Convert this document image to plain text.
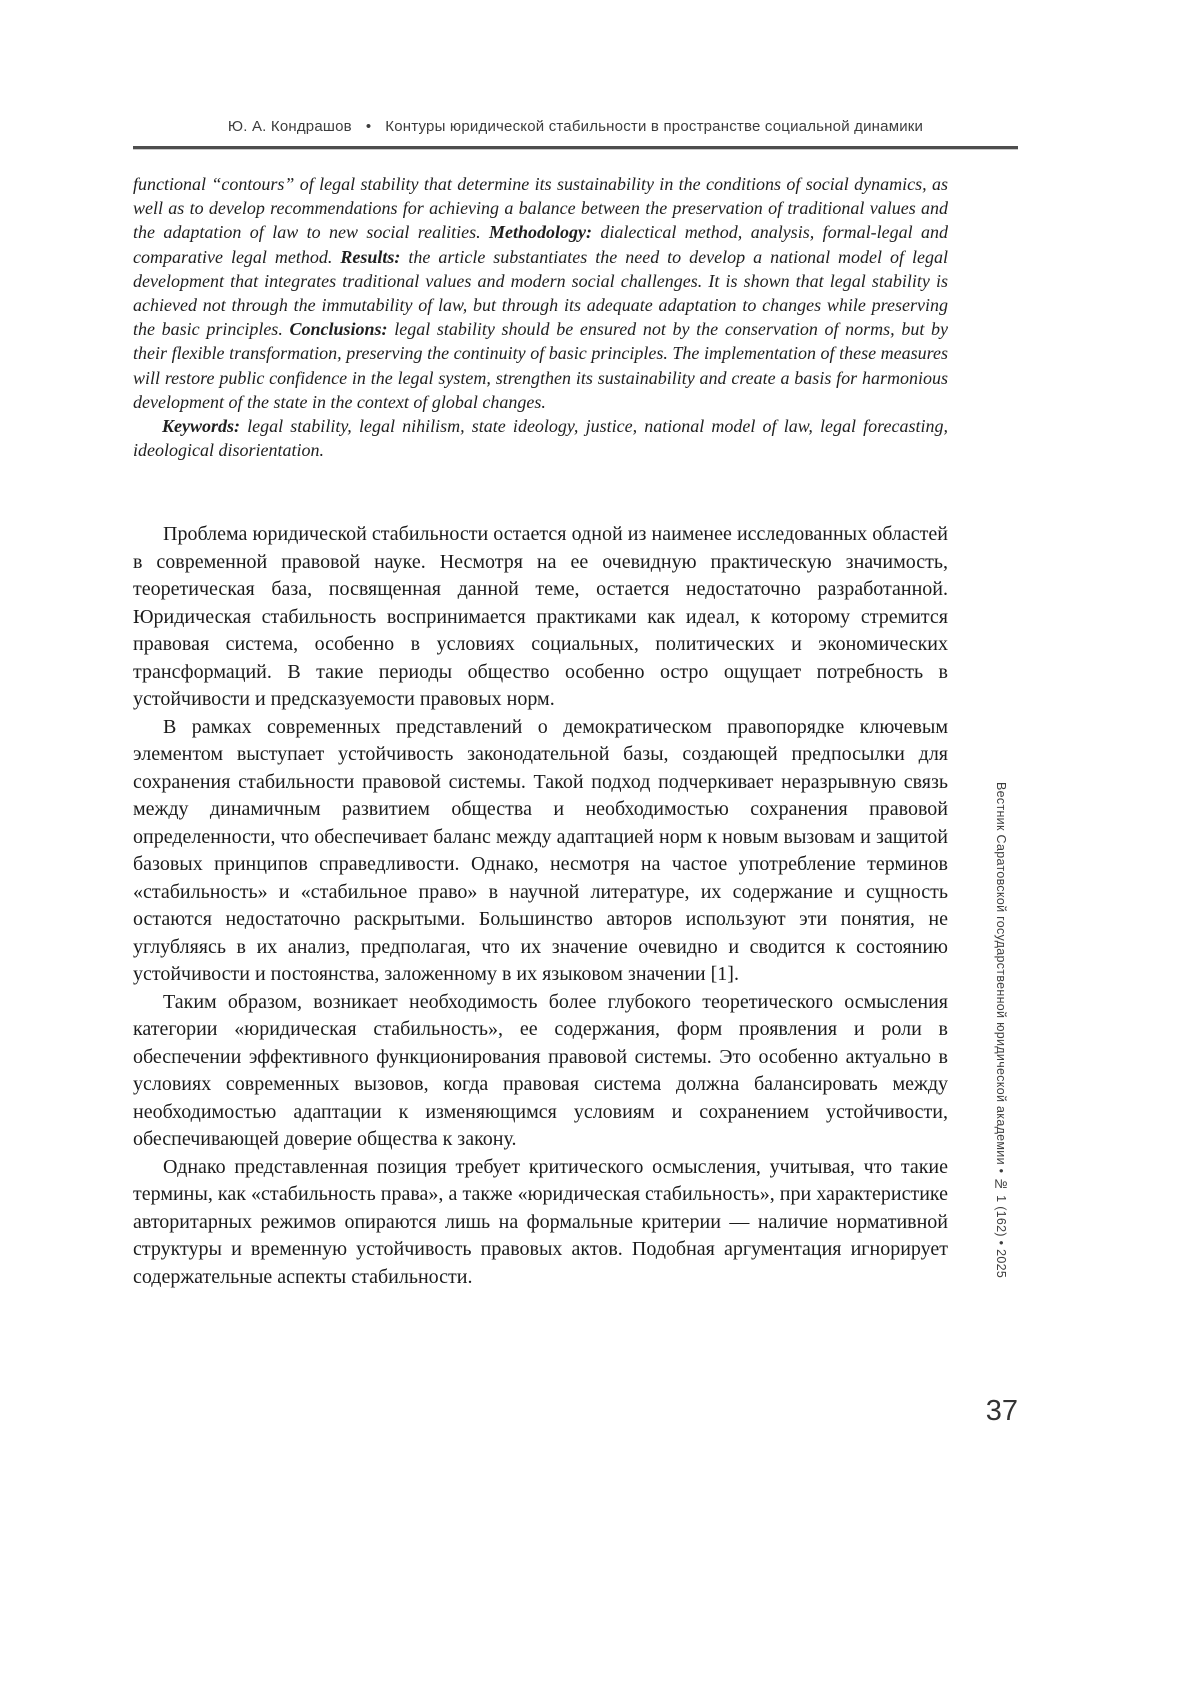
Ю. А. Кондрашов • Контуры юридической стабильности в пространстве социальной динамики

functional “contours” of legal stability that determine its sustainability in the conditions of social dynamics, as well as to develop recommendations for achieving a balance between the preservation of traditional values and the adaptation of law to new social realities. Methodology: dialectical method, analysis, formal-legal and comparative legal method. Results: the article substantiates the need to develop a national model of legal development that integrates traditional values and modern social challenges. It is shown that legal stability is achieved not through the immutability of law, but through its adequate adaptation to changes while preserving the basic principles. Conclusions: legal stability should be ensured not by the conservation of norms, but by their flexible transformation, preserving the continuity of basic principles. The implementation of these measures will restore public confidence in the legal system, strengthen its sustainability and create a basis for harmonious development of the state in the context of global changes.

Keywords: legal stability, legal nihilism, state ideology, justice, national model of law, legal forecasting, ideological disorientation.

Проблема юридической стабильности остается одной из наименее исследованных областей в современной правовой науке. Несмотря на ее очевидную практическую значимость, теоретическая база, посвященная данной теме, остается недостаточно разработанной. Юридическая стабильность воспринимается практиками как идеал, к которому стремится правовая система, особенно в условиях социальных, политических и экономических трансформаций. В такие периоды общество особенно остро ощущает потребность в устойчивости и предсказуемости правовых норм.

В рамках современных представлений о демократическом правопорядке ключевым элементом выступает устойчивость законодательной базы, создающей предпосылки для сохранения стабильности правовой системы. Такой подход подчеркивает неразрывную связь между динамичным развитием общества и необходимостью сохранения правовой определенности, что обеспечивает баланс между адаптацией норм к новым вызовам и защитой базовых принципов справедливости. Однако, несмотря на частое употребление терминов «стабильность» и «стабильное право» в научной литературе, их содержание и сущность остаются недостаточно раскрытыми. Большинство авторов используют эти понятия, не углубляясь в их анализ, предполагая, что их значение очевидно и сводится к состоянию устойчивости и постоянства, заложенному в их языковом значении [1].

Таким образом, возникает необходимость более глубокого теоретического осмысления категории «юридическая стабильность», ее содержания, форм проявления и роли в обеспечении эффективного функционирования правовой системы. Это особенно актуально в условиях современных вызовов, когда правовая система должна балансировать между необходимостью адаптации к изменяющимся условиям и сохранением устойчивости, обеспечивающей доверие общества к закону.

Однако представленная позиция требует критического осмысления, учитывая, что такие термины, как «стабильность права», а также «юридическая стабильность», при характеристике авторитарных режимов опираются лишь на формальные критерии — наличие нормативной структуры и временную устойчивость правовых актов. Подобная аргументация игнорирует содержательные аспекты стабильности.	Вестник Саратовской государственной юридической академии • № 1 (162) • 2025
37
